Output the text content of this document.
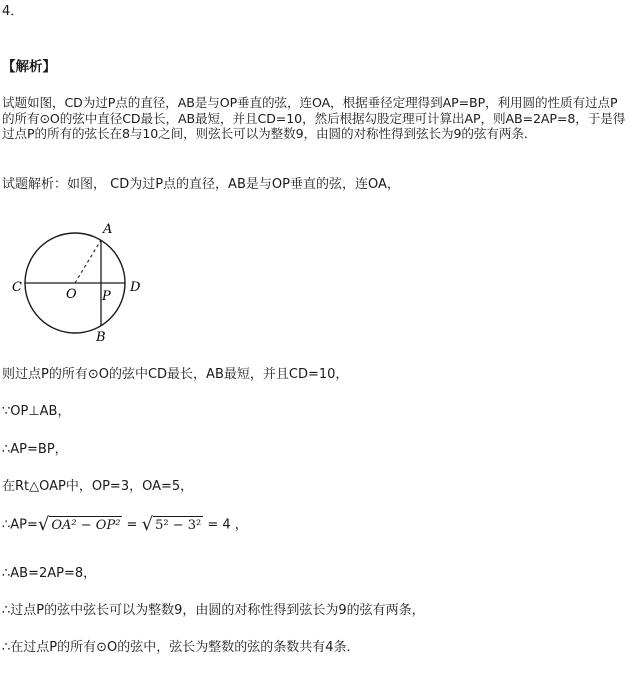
4．
【解析】
试题如图，CD为过P点的直径，AB是与OP垂直的弦，连OA，根据垂径定理得到AP=BP，利用圆的性质有过点P的所有⊙O的弦中直径CD最长，AB最短，并且CD=10，然后根据勾股定理可计算出AP，则AB=2AP=8，于是得过点P的所有的弦长在8与10之间，则弦长可以为整数9，由圆的对称性得到弦长为9的弦有两条．
试题解析：如图， CD为过P点的直径，AB是与OP垂直的弦，连OA，
A
B
C	D
O P
则过点P的所有⊙O的弦中CD最长，AB最短，并且CD=10，
∵OP⊥AB，
∴AP=BP，
在Rt△OAP中，OP=3，OA=5，
∴AP=√ OA² − OP² = √ 5² − 3² = 4 ，
∴AB=2AP=8，
∴过点P的弦中弦长可以为整数9，由圆的对称性得到弦长为9的弦有两条，
∴在过点P的所有⊙O的弦中，弦长为整数的弦的条数共有4条．
